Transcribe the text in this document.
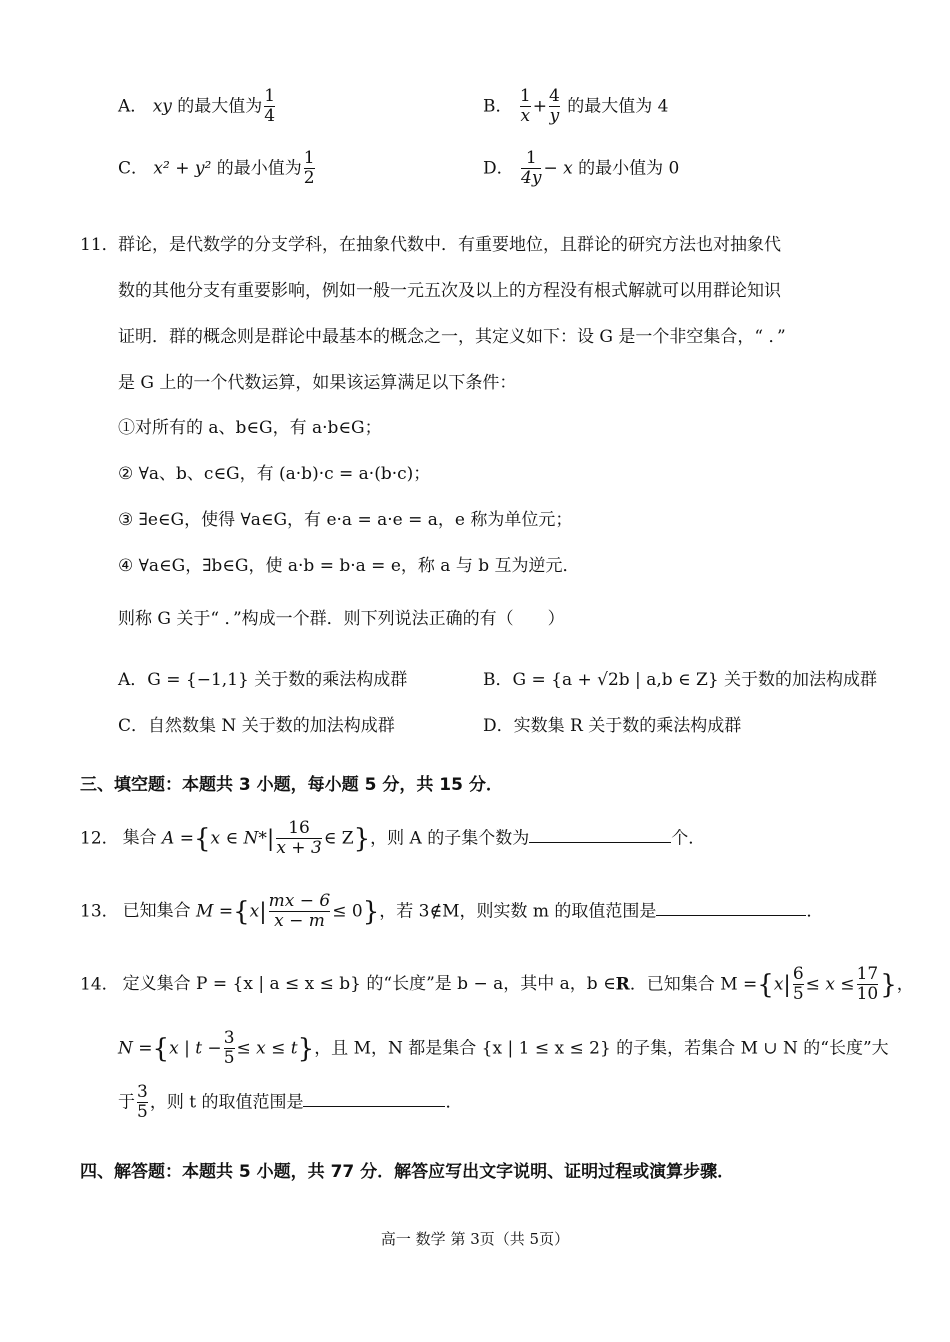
A． xy 的最大值为 $\frac{1}{4}$	B． $\frac{1}{x} + \frac{4}{y}$ 的最大值为 4
C． x² + y² 的最小值为 $\frac{1}{2}$	D． $\frac{1}{4y} - x$ 的最小值为 0
11． 群论，是代数学的分支学科，在抽象代数中．有重要地位，且群论的研究方法也对抽象代
数的其他分支有重要影响，例如一般一元五次及以上的方程没有根式解就可以用群论知识
证明．群的概念则是群论中最基本的概念之一，其定义如下：设 G 是一个非空集合，“ ．”
是 G 上的一个代数运算，如果该运算满足以下条件：
①对所有的 a、b∈G，有 a·b∈G；
② ∀a、b、c∈G，有 (a·b)·c = a·(b·c)；
③ ∃e∈G，使得 ∀a∈G，有 e·a = a·e = a，e 称为单位元；
④ ∀a∈G，∃b∈G，使 a·b = b·a = e，称 a 与 b 互为逆元．
则称 G 关于“ ．”构成一个群．则下列说法正确的有（　　）
A．G = {−1,1} 关于数的乘法构成群	B．G = {a + √2b | a,b ∈ Z} 关于数的加法构成群
C．自然数集 N 关于数的加法构成群	D．实数集 R 关于数的乘法构成群
三、填空题：本题共 3 小题，每小题 5 分，共 15 分．
12． 集合 A ={x ∈ $N*| \frac{16}{x + 3}$ ∈ Z}，则 A 的子集个数为	个．
13． 已知集合 $M =\{x| \frac{mx - 6}{x - m} \le 0\}$，若 3∉M，则实数 m 的取值范围是	．
14． 定义集合 P = {x | a ≤ x ≤ b} 的“长度”是 b − a，其中 a，b ∈R．已知集合 $M =\{x| \frac{6}{5} \le x \le \frac{17}{10}$ }，
N ={x | $t - \frac{3}{5} \le x \le t$}，且 M，N 都是集合 {x | 1 ≤ x ≤ 2} 的子集，若集合 M ∪ N 的“长度”大
于 $\frac{3}{5}$ ，则 t 的取值范围是	．
四、解答题：本题共 5 小题，共 77 分．解答应写出文字说明、证明过程或演算步骤．
高一 数学 第 3页（共 5页）
